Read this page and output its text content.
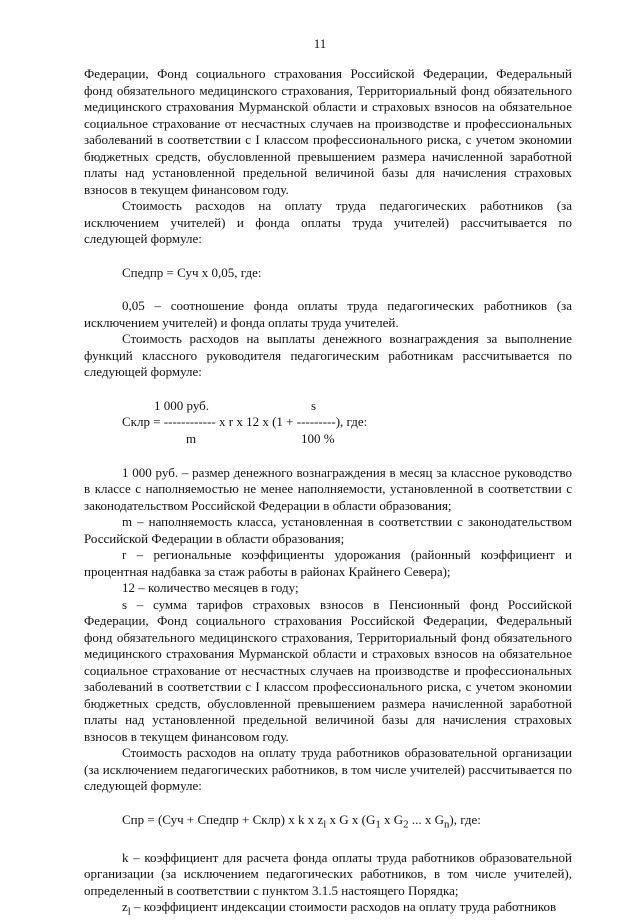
11

Федерации, Фонд социального страхования Российской Федерации, Федеральный фонд обязательного медицинского страхования, Территориальный фонд обязательного медицинского страхования Мурманской области и страховых взносов на обязательное социальное страхование от несчастных случаев на производстве и профессиональных заболеваний в соответствии с I классом профессионального риска, с учетом экономии бюджетных средств, обусловленной превышением размера начисленной заработной платы над установленной предельной величиной базы для начисления страховых взносов в текущем финансовом году.

Стоимость расходов на оплату труда педагогических работников (за исключением учителей) и фонда оплаты труда учителей) рассчитывается по следующей формуле:

Спедпр = Суч х 0,05, где:

0,05 – соотношение фонда оплаты труда педагогических работников (за исключением учителей) и фонда оплаты труда учителей.

Стоимость расходов на выплаты денежного вознаграждения за выполнение функций классного руководителя педагогическим работникам рассчитывается по следующей формуле:

1 000 руб.	s
Склр = ------------ х r х 12 х (1 + ---------), где:
m	100 %

1 000 руб. – размер денежного вознаграждения в месяц за классное руководство в классе с наполняемостью не менее наполняемости, установленной в соответствии с законодательством Российской Федерации в области образования;

m – наполняемость класса, установленная в соответствии с законодательством Российской Федерации в области образования;

r – региональные коэффициенты удорожания (районный коэффициент и процентная надбавка за стаж работы в районах Крайнего Севера);

12 – количество месяцев в году;

s – сумма тарифов страховых взносов в Пенсионный фонд Российской Федерации, Фонд социального страхования Российской Федерации, Федеральный фонд обязательного медицинского страхования, Территориальный фонд обязательного медицинского страхования Мурманской области и страховых взносов на обязательное социальное страхование от несчастных случаев на производстве и профессиональных заболеваний в соответствии с I классом профессионального риска, с учетом экономии бюджетных средств, обусловленной превышением размера начисленной заработной платы над установленной предельной величиной базы для начисления страховых взносов в текущем финансовом году.

Стоимость расходов на оплату труда работников образовательной организации (за исключением педагогических работников, в том числе учителей) рассчитывается по следующей формуле:

Спр = (Суч + Спедпр + Склр) х k х $z_l$ х G х ($G_1$ х $G_2$ ... х $G_n$), где:

k – коэффициент для расчета фонда оплаты труда работников образовательной организации (за исключением педагогических работников, в том числе учителей), определенный в соответствии с пунктом 3.1.5 настоящего Порядка;

$z_l$ – коэффициент индексации стоимости расходов на оплату труда работников
